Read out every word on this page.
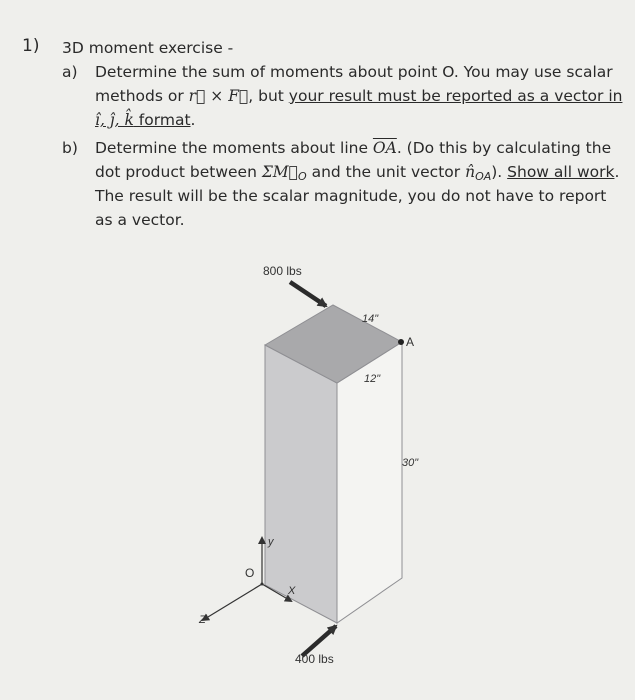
1) 3D moment exercise -
a) Determine the sum of moments about point O. You may use scalar
methods or r⃗ × F⃗, but your result must be reported as a vector in
î, ĵ, k̂ format.
b) Determine the moments about line $\overline{OA}$. (Do this by calculating the
dot product between $\Sigma M⃗_O$ and the unit vector $n̂_{OA}$). Show all work.
The result will be the scalar magnitude, you do not have to report
as a vector.
800 lbs
400 lbs
14"
12"
30"
A
O
y
Z
X
